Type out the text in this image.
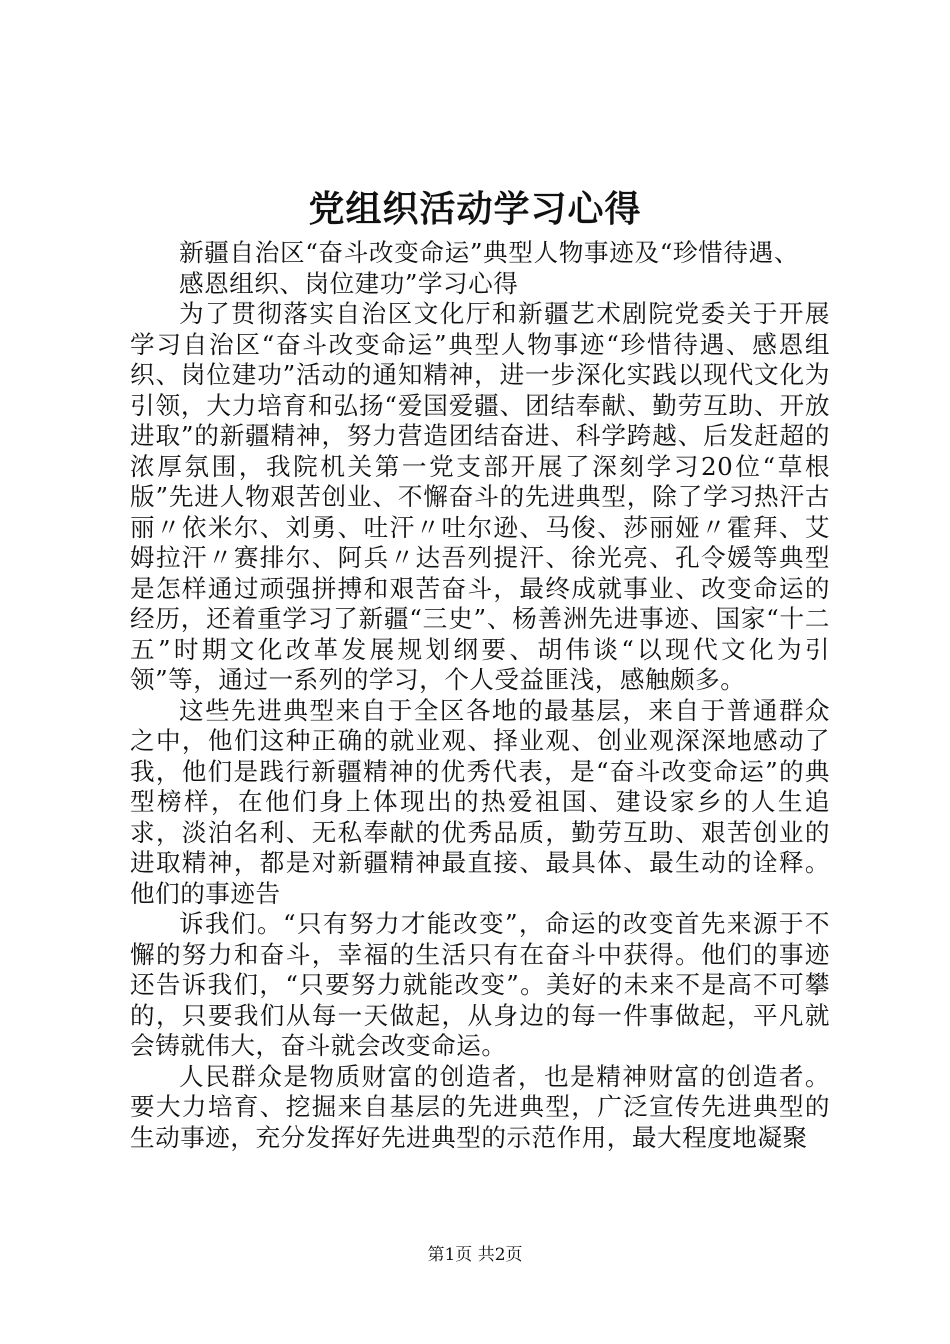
党组织活动学习心得

新疆自治区“奋斗改变命运”典型人物事迹及“珍惜待遇、感恩组织、岗位建功”学习心得

为了贯彻落实自治区文化厅和新疆艺术剧院党委关于开展学习自治区“奋斗改变命运”典型人物事迹“珍惜待遇、感恩组织、岗位建功”活动的通知精神，进一步深化实践以现代文化为引领，大力培育和弘扬“爱国爱疆、团结奉献、勤劳互助、开放进取”的新疆精神，努力营造团结奋进、科学跨越、后发赶超的浓厚氛围，我院机关第一党支部开展了深刻学习20位“草根版”先进人物艰苦创业、不懈奋斗的先进典型，除了学习热汗古丽〃依米尔、刘勇、吐汗〃吐尔逊、马俊、莎丽娅〃霍拜、艾姆拉汗〃赛排尔、阿兵〃达吾列提汗、徐光亮、孔令媛等典型是怎样通过顽强拼搏和艰苦奋斗，最终成就事业、改变命运的经历，还着重学习了新疆“三史”、杨善洲先进事迹、国家“十二五”时期文化改革发展规划纲要、胡伟谈“以现代文化为引领”等，通过一系列的学习，个人受益匪浅，感触颇多。

这些先进典型来自于全区各地的最基层，来自于普通群众之中，他们这种正确的就业观、择业观、创业观深深地感动了我，他们是践行新疆精神的优秀代表，是“奋斗改变命运”的典型榜样，在他们身上体现出的热爱祖国、建设家乡的人生追求，淡泊名利、无私奉献的优秀品质，勤劳互助、艰苦创业的进取精神，都是对新疆精神最直接、最具体、最生动的诠释。他们的事迹告

诉我们。“只有努力才能改变”，命运的改变首先来源于不懈的努力和奋斗，幸福的生活只有在奋斗中获得。他们的事迹还告诉我们，“只要努力就能改变”。美好的未来不是高不可攀的，只要我们从每一天做起，从身边的每一件事做起，平凡就会铸就伟大，奋斗就会改变命运。

人民群众是物质财富的创造者，也是精神财富的创造者。要大力培育、挖掘来自基层的先进典型，广泛宣传先进典型的生动事迹，充分发挥好先进典型的示范作用，最大程度地凝聚

第1页 共2页
